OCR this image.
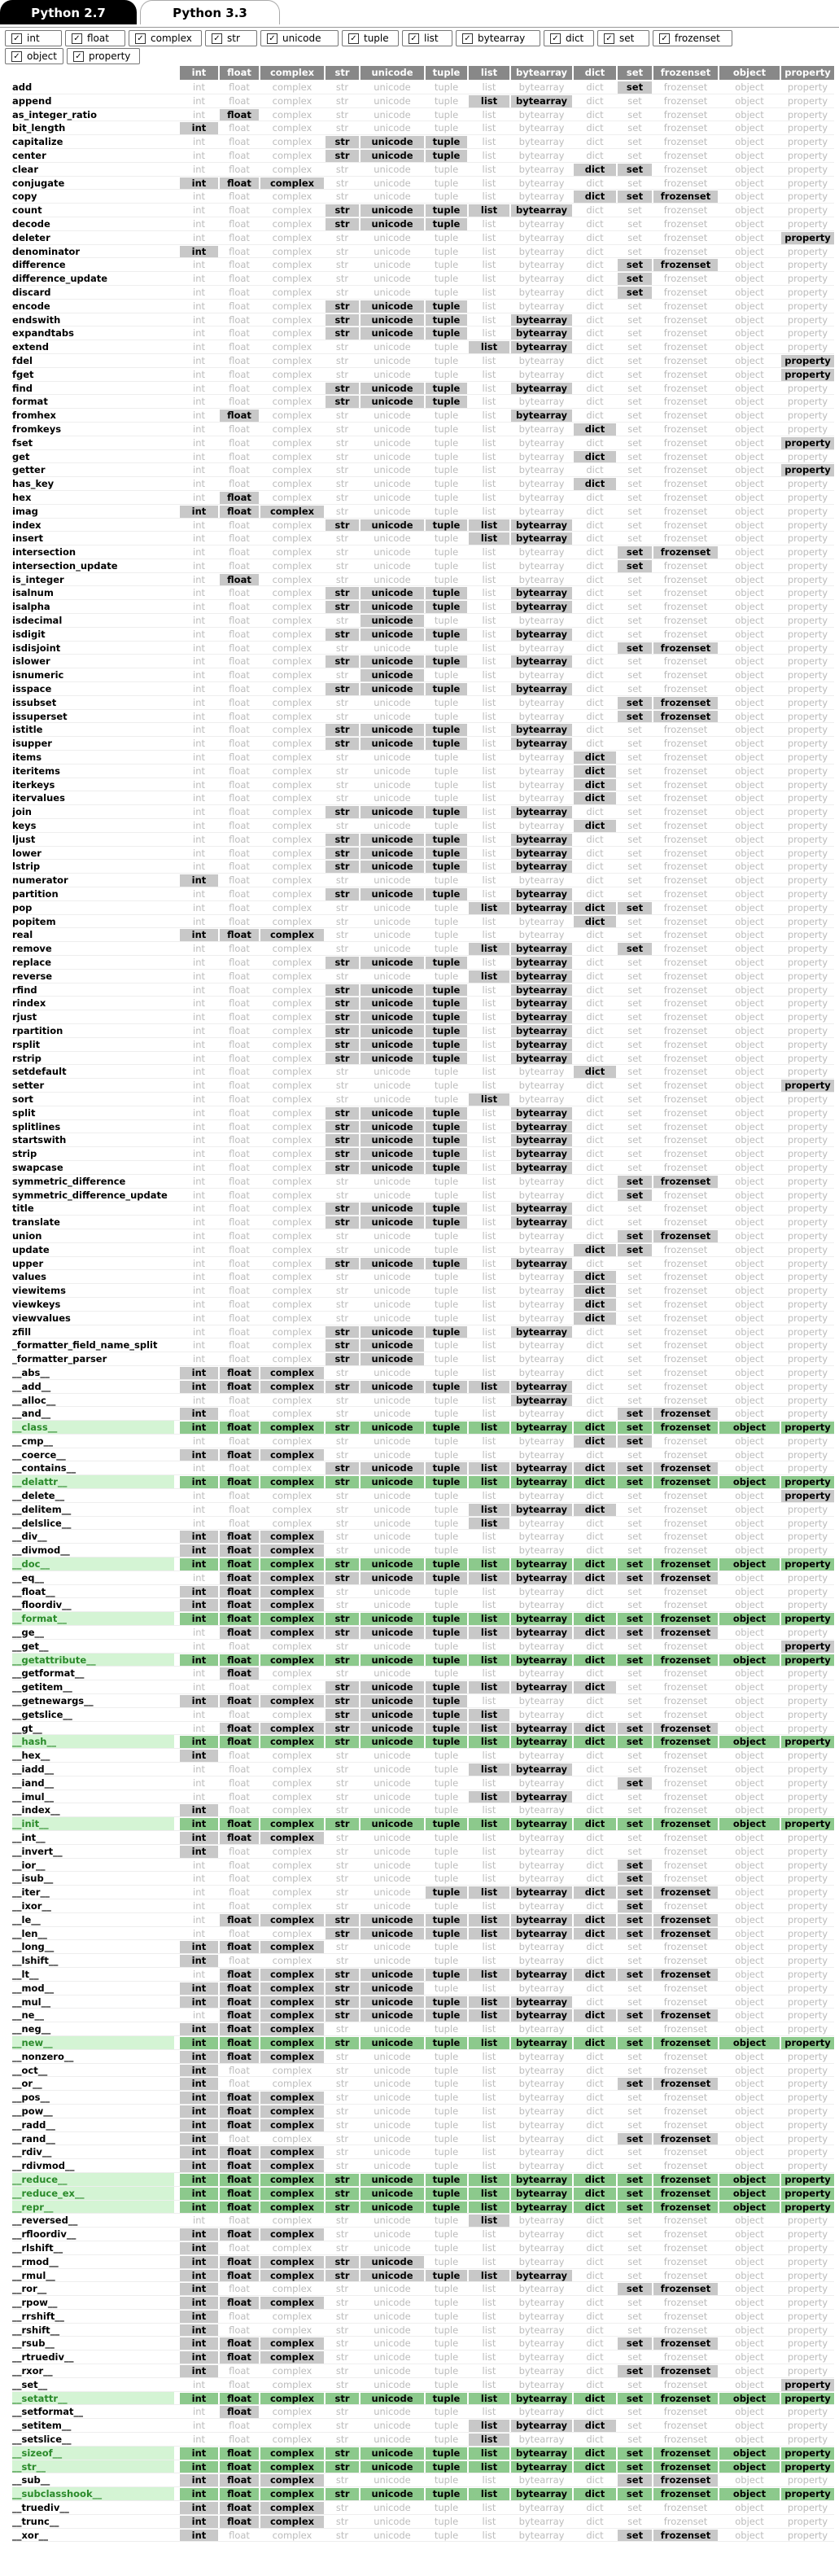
Python 2.7	Python 3.3
✓ int	✓ float	✓ complex	✓ str	✓ unicode	✓ tuple	✓ list	✓ bytearray	✓ dict	✓ set	✓ frozenset
✓ object	✓ property
int	float	complex	str	unicode	tuple	list	bytearray	dict	set	frozenset	object	property
add	int	float	complex	str	unicode	tuple	list	bytearray	dict	set	frozenset	object	property
append	int	float	complex	str	unicode	tuple	list	bytearray	dict	set	frozenset	object	property
as_integer_ratio	int	float	complex	str	unicode	tuple	list	bytearray	dict	set	frozenset	object	property
bit_length	int	float	complex	str	unicode	tuple	list	bytearray	dict	set	frozenset	object	property
capitalize	int	float	complex	str	unicode	tuple	list	bytearray	dict	set	frozenset	object	property
center	int	float	complex	str	unicode	tuple	list	bytearray	dict	set	frozenset	object	property
clear	int	float	complex	str	unicode	tuple	list	bytearray	dict	set	frozenset	object	property
conjugate	int	float	complex	str	unicode	tuple	list	bytearray	dict	set	frozenset	object	property
copy	int	float	complex	str	unicode	tuple	list	bytearray	dict	set	frozenset	object	property
count	int	float	complex	str	unicode	tuple	list	bytearray	dict	set	frozenset	object	property
decode	int	float	complex	str	unicode	tuple	list	bytearray	dict	set	frozenset	object	property
deleter	int	float	complex	str	unicode	tuple	list	bytearray	dict	set	frozenset	object	property
denominator	int	float	complex	str	unicode	tuple	list	bytearray	dict	set	frozenset	object	property
difference	int	float	complex	str	unicode	tuple	list	bytearray	dict	set	frozenset	object	property
difference_update	int	float	complex	str	unicode	tuple	list	bytearray	dict	set	frozenset	object	property
discard	int	float	complex	str	unicode	tuple	list	bytearray	dict	set	frozenset	object	property
encode	int	float	complex	str	unicode	tuple	list	bytearray	dict	set	frozenset	object	property
endswith	int	float	complex	str	unicode	tuple	list	bytearray	dict	set	frozenset	object	property
expandtabs	int	float	complex	str	unicode	tuple	list	bytearray	dict	set	frozenset	object	property
extend	int	float	complex	str	unicode	tuple	list	bytearray	dict	set	frozenset	object	property
fdel	int	float	complex	str	unicode	tuple	list	bytearray	dict	set	frozenset	object	property
fget	int	float	complex	str	unicode	tuple	list	bytearray	dict	set	frozenset	object	property
find	int	float	complex	str	unicode	tuple	list	bytearray	dict	set	frozenset	object	property
format	int	float	complex	str	unicode	tuple	list	bytearray	dict	set	frozenset	object	property
fromhex	int	float	complex	str	unicode	tuple	list	bytearray	dict	set	frozenset	object	property
fromkeys	int	float	complex	str	unicode	tuple	list	bytearray	dict	set	frozenset	object	property
fset	int	float	complex	str	unicode	tuple	list	bytearray	dict	set	frozenset	object	property
get	int	float	complex	str	unicode	tuple	list	bytearray	dict	set	frozenset	object	property
getter	int	float	complex	str	unicode	tuple	list	bytearray	dict	set	frozenset	object	property
has_key	int	float	complex	str	unicode	tuple	list	bytearray	dict	set	frozenset	object	property
hex	int	float	complex	str	unicode	tuple	list	bytearray	dict	set	frozenset	object	property
imag	int	float	complex	str	unicode	tuple	list	bytearray	dict	set	frozenset	object	property
index	int	float	complex	str	unicode	tuple	list	bytearray	dict	set	frozenset	object	property
insert	int	float	complex	str	unicode	tuple	list	bytearray	dict	set	frozenset	object	property
intersection	int	float	complex	str	unicode	tuple	list	bytearray	dict	set	frozenset	object	property
intersection_update	int	float	complex	str	unicode	tuple	list	bytearray	dict	set	frozenset	object	property
is_integer	int	float	complex	str	unicode	tuple	list	bytearray	dict	set	frozenset	object	property
isalnum	int	float	complex	str	unicode	tuple	list	bytearray	dict	set	frozenset	object	property
isalpha	int	float	complex	str	unicode	tuple	list	bytearray	dict	set	frozenset	object	property
isdecimal	int	float	complex	str	unicode	tuple	list	bytearray	dict	set	frozenset	object	property
isdigit	int	float	complex	str	unicode	tuple	list	bytearray	dict	set	frozenset	object	property
isdisjoint	int	float	complex	str	unicode	tuple	list	bytearray	dict	set	frozenset	object	property
islower	int	float	complex	str	unicode	tuple	list	bytearray	dict	set	frozenset	object	property
isnumeric	int	float	complex	str	unicode	tuple	list	bytearray	dict	set	frozenset	object	property
isspace	int	float	complex	str	unicode	tuple	list	bytearray	dict	set	frozenset	object	property
issubset	int	float	complex	str	unicode	tuple	list	bytearray	dict	set	frozenset	object	property
issuperset	int	float	complex	str	unicode	tuple	list	bytearray	dict	set	frozenset	object	property
istitle	int	float	complex	str	unicode	tuple	list	bytearray	dict	set	frozenset	object	property
isupper	int	float	complex	str	unicode	tuple	list	bytearray	dict	set	frozenset	object	property
items	int	float	complex	str	unicode	tuple	list	bytearray	dict	set	frozenset	object	property
iteritems	int	float	complex	str	unicode	tuple	list	bytearray	dict	set	frozenset	object	property
iterkeys	int	float	complex	str	unicode	tuple	list	bytearray	dict	set	frozenset	object	property
itervalues	int	float	complex	str	unicode	tuple	list	bytearray	dict	set	frozenset	object	property
join	int	float	complex	str	unicode	tuple	list	bytearray	dict	set	frozenset	object	property
keys	int	float	complex	str	unicode	tuple	list	bytearray	dict	set	frozenset	object	property
ljust	int	float	complex	str	unicode	tuple	list	bytearray	dict	set	frozenset	object	property
lower	int	float	complex	str	unicode	tuple	list	bytearray	dict	set	frozenset	object	property
lstrip	int	float	complex	str	unicode	tuple	list	bytearray	dict	set	frozenset	object	property
numerator	int	float	complex	str	unicode	tuple	list	bytearray	dict	set	frozenset	object	property
partition	int	float	complex	str	unicode	tuple	list	bytearray	dict	set	frozenset	object	property
pop	int	float	complex	str	unicode	tuple	list	bytearray	dict	set	frozenset	object	property
popitem	int	float	complex	str	unicode	tuple	list	bytearray	dict	set	frozenset	object	property
real	int	float	complex	str	unicode	tuple	list	bytearray	dict	set	frozenset	object	property
remove	int	float	complex	str	unicode	tuple	list	bytearray	dict	set	frozenset	object	property
replace	int	float	complex	str	unicode	tuple	list	bytearray	dict	set	frozenset	object	property
reverse	int	float	complex	str	unicode	tuple	list	bytearray	dict	set	frozenset	object	property
rfind	int	float	complex	str	unicode	tuple	list	bytearray	dict	set	frozenset	object	property
rindex	int	float	complex	str	unicode	tuple	list	bytearray	dict	set	frozenset	object	property
rjust	int	float	complex	str	unicode	tuple	list	bytearray	dict	set	frozenset	object	property
rpartition	int	float	complex	str	unicode	tuple	list	bytearray	dict	set	frozenset	object	property
rsplit	int	float	complex	str	unicode	tuple	list	bytearray	dict	set	frozenset	object	property
rstrip	int	float	complex	str	unicode	tuple	list	bytearray	dict	set	frozenset	object	property
setdefault	int	float	complex	str	unicode	tuple	list	bytearray	dict	set	frozenset	object	property
setter	int	float	complex	str	unicode	tuple	list	bytearray	dict	set	frozenset	object	property
sort	int	float	complex	str	unicode	tuple	list	bytearray	dict	set	frozenset	object	property
split	int	float	complex	str	unicode	tuple	list	bytearray	dict	set	frozenset	object	property
splitlines	int	float	complex	str	unicode	tuple	list	bytearray	dict	set	frozenset	object	property
startswith	int	float	complex	str	unicode	tuple	list	bytearray	dict	set	frozenset	object	property
strip	int	float	complex	str	unicode	tuple	list	bytearray	dict	set	frozenset	object	property
swapcase	int	float	complex	str	unicode	tuple	list	bytearray	dict	set	frozenset	object	property
symmetric_difference	int	float	complex	str	unicode	tuple	list	bytearray	dict	set	frozenset	object	property
symmetric_difference_update	int	float	complex	str	unicode	tuple	list	bytearray	dict	set	frozenset	object	property
title	int	float	complex	str	unicode	tuple	list	bytearray	dict	set	frozenset	object	property
translate	int	float	complex	str	unicode	tuple	list	bytearray	dict	set	frozenset	object	property
union	int	float	complex	str	unicode	tuple	list	bytearray	dict	set	frozenset	object	property
update	int	float	complex	str	unicode	tuple	list	bytearray	dict	set	frozenset	object	property
upper	int	float	complex	str	unicode	tuple	list	bytearray	dict	set	frozenset	object	property
values	int	float	complex	str	unicode	tuple	list	bytearray	dict	set	frozenset	object	property
viewitems	int	float	complex	str	unicode	tuple	list	bytearray	dict	set	frozenset	object	property
viewkeys	int	float	complex	str	unicode	tuple	list	bytearray	dict	set	frozenset	object	property
viewvalues	int	float	complex	str	unicode	tuple	list	bytearray	dict	set	frozenset	object	property
zfill	int	float	complex	str	unicode	tuple	list	bytearray	dict	set	frozenset	object	property
_formatter_field_name_split	int	float	complex	str	unicode	tuple	list	bytearray	dict	set	frozenset	object	property
_formatter_parser	int	float	complex	str	unicode	tuple	list	bytearray	dict	set	frozenset	object	property
__abs__	int	float	complex	str	unicode	tuple	list	bytearray	dict	set	frozenset	object	property
__add__	int	float	complex	str	unicode	tuple	list	bytearray	dict	set	frozenset	object	property
__alloc__	int	float	complex	str	unicode	tuple	list	bytearray	dict	set	frozenset	object	property
__and__	int	float	complex	str	unicode	tuple	list	bytearray	dict	set	frozenset	object	property
__class__	int	float	complex	str	unicode	tuple	list	bytearray	dict	set	frozenset	object	property
__cmp__	int	float	complex	str	unicode	tuple	list	bytearray	dict	set	frozenset	object	property
__coerce__	int	float	complex	str	unicode	tuple	list	bytearray	dict	set	frozenset	object	property
__contains__	int	float	complex	str	unicode	tuple	list	bytearray	dict	set	frozenset	object	property
__delattr__	int	float	complex	str	unicode	tuple	list	bytearray	dict	set	frozenset	object	property
__delete__	int	float	complex	str	unicode	tuple	list	bytearray	dict	set	frozenset	object	property
__delitem__	int	float	complex	str	unicode	tuple	list	bytearray	dict	set	frozenset	object	property
__delslice__	int	float	complex	str	unicode	tuple	list	bytearray	dict	set	frozenset	object	property
__div__	int	float	complex	str	unicode	tuple	list	bytearray	dict	set	frozenset	object	property
__divmod__	int	float	complex	str	unicode	tuple	list	bytearray	dict	set	frozenset	object	property
__doc__	int	float	complex	str	unicode	tuple	list	bytearray	dict	set	frozenset	object	property
__eq__	int	float	complex	str	unicode	tuple	list	bytearray	dict	set	frozenset	object	property
__float__	int	float	complex	str	unicode	tuple	list	bytearray	dict	set	frozenset	object	property
__floordiv__	int	float	complex	str	unicode	tuple	list	bytearray	dict	set	frozenset	object	property
__format__	int	float	complex	str	unicode	tuple	list	bytearray	dict	set	frozenset	object	property
__ge__	int	float	complex	str	unicode	tuple	list	bytearray	dict	set	frozenset	object	property
__get__	int	float	complex	str	unicode	tuple	list	bytearray	dict	set	frozenset	object	property
__getattribute__	int	float	complex	str	unicode	tuple	list	bytearray	dict	set	frozenset	object	property
__getformat__	int	float	complex	str	unicode	tuple	list	bytearray	dict	set	frozenset	object	property
__getitem__	int	float	complex	str	unicode	tuple	list	bytearray	dict	set	frozenset	object	property
__getnewargs__	int	float	complex	str	unicode	tuple	list	bytearray	dict	set	frozenset	object	property
__getslice__	int	float	complex	str	unicode	tuple	list	bytearray	dict	set	frozenset	object	property
__gt__	int	float	complex	str	unicode	tuple	list	bytearray	dict	set	frozenset	object	property
__hash__	int	float	complex	str	unicode	tuple	list	bytearray	dict	set	frozenset	object	property
__hex__	int	float	complex	str	unicode	tuple	list	bytearray	dict	set	frozenset	object	property
__iadd__	int	float	complex	str	unicode	tuple	list	bytearray	dict	set	frozenset	object	property
__iand__	int	float	complex	str	unicode	tuple	list	bytearray	dict	set	frozenset	object	property
__imul__	int	float	complex	str	unicode	tuple	list	bytearray	dict	set	frozenset	object	property
__index__	int	float	complex	str	unicode	tuple	list	bytearray	dict	set	frozenset	object	property
__init__	int	float	complex	str	unicode	tuple	list	bytearray	dict	set	frozenset	object	property
__int__	int	float	complex	str	unicode	tuple	list	bytearray	dict	set	frozenset	object	property
__invert__	int	float	complex	str	unicode	tuple	list	bytearray	dict	set	frozenset	object	property
__ior__	int	float	complex	str	unicode	tuple	list	bytearray	dict	set	frozenset	object	property
__isub__	int	float	complex	str	unicode	tuple	list	bytearray	dict	set	frozenset	object	property
__iter__	int	float	complex	str	unicode	tuple	list	bytearray	dict	set	frozenset	object	property
__ixor__	int	float	complex	str	unicode	tuple	list	bytearray	dict	set	frozenset	object	property
__le__	int	float	complex	str	unicode	tuple	list	bytearray	dict	set	frozenset	object	property
__len__	int	float	complex	str	unicode	tuple	list	bytearray	dict	set	frozenset	object	property
__long__	int	float	complex	str	unicode	tuple	list	bytearray	dict	set	frozenset	object	property
__lshift__	int	float	complex	str	unicode	tuple	list	bytearray	dict	set	frozenset	object	property
__lt__	int	float	complex	str	unicode	tuple	list	bytearray	dict	set	frozenset	object	property
__mod__	int	float	complex	str	unicode	tuple	list	bytearray	dict	set	frozenset	object	property
__mul__	int	float	complex	str	unicode	tuple	list	bytearray	dict	set	frozenset	object	property
__ne__	int	float	complex	str	unicode	tuple	list	bytearray	dict	set	frozenset	object	property
__neg__	int	float	complex	str	unicode	tuple	list	bytearray	dict	set	frozenset	object	property
__new__	int	float	complex	str	unicode	tuple	list	bytearray	dict	set	frozenset	object	property
__nonzero__	int	float	complex	str	unicode	tuple	list	bytearray	dict	set	frozenset	object	property
__oct__	int	float	complex	str	unicode	tuple	list	bytearray	dict	set	frozenset	object	property
__or__	int	float	complex	str	unicode	tuple	list	bytearray	dict	set	frozenset	object	property
__pos__	int	float	complex	str	unicode	tuple	list	bytearray	dict	set	frozenset	object	property
__pow__	int	float	complex	str	unicode	tuple	list	bytearray	dict	set	frozenset	object	property
__radd__	int	float	complex	str	unicode	tuple	list	bytearray	dict	set	frozenset	object	property
__rand__	int	float	complex	str	unicode	tuple	list	bytearray	dict	set	frozenset	object	property
__rdiv__	int	float	complex	str	unicode	tuple	list	bytearray	dict	set	frozenset	object	property
__rdivmod__	int	float	complex	str	unicode	tuple	list	bytearray	dict	set	frozenset	object	property
__reduce__	int	float	complex	str	unicode	tuple	list	bytearray	dict	set	frozenset	object	property
__reduce_ex__	int	float	complex	str	unicode	tuple	list	bytearray	dict	set	frozenset	object	property
__repr__	int	float	complex	str	unicode	tuple	list	bytearray	dict	set	frozenset	object	property
__reversed__	int	float	complex	str	unicode	tuple	list	bytearray	dict	set	frozenset	object	property
__rfloordiv__	int	float	complex	str	unicode	tuple	list	bytearray	dict	set	frozenset	object	property
__rlshift__	int	float	complex	str	unicode	tuple	list	bytearray	dict	set	frozenset	object	property
__rmod__	int	float	complex	str	unicode	tuple	list	bytearray	dict	set	frozenset	object	property
__rmul__	int	float	complex	str	unicode	tuple	list	bytearray	dict	set	frozenset	object	property
__ror__	int	float	complex	str	unicode	tuple	list	bytearray	dict	set	frozenset	object	property
__rpow__	int	float	complex	str	unicode	tuple	list	bytearray	dict	set	frozenset	object	property
__rrshift__	int	float	complex	str	unicode	tuple	list	bytearray	dict	set	frozenset	object	property
__rshift__	int	float	complex	str	unicode	tuple	list	bytearray	dict	set	frozenset	object	property
__rsub__	int	float	complex	str	unicode	tuple	list	bytearray	dict	set	frozenset	object	property
__rtruediv__	int	float	complex	str	unicode	tuple	list	bytearray	dict	set	frozenset	object	property
__rxor__	int	float	complex	str	unicode	tuple	list	bytearray	dict	set	frozenset	object	property
__set__	int	float	complex	str	unicode	tuple	list	bytearray	dict	set	frozenset	object	property
__setattr__	int	float	complex	str	unicode	tuple	list	bytearray	dict	set	frozenset	object	property
__setformat__	int	float	complex	str	unicode	tuple	list	bytearray	dict	set	frozenset	object	property
__setitem__	int	float	complex	str	unicode	tuple	list	bytearray	dict	set	frozenset	object	property
__setslice__	int	float	complex	str	unicode	tuple	list	bytearray	dict	set	frozenset	object	property
__sizeof__	int	float	complex	str	unicode	tuple	list	bytearray	dict	set	frozenset	object	property
__str__	int	float	complex	str	unicode	tuple	list	bytearray	dict	set	frozenset	object	property
__sub__	int	float	complex	str	unicode	tuple	list	bytearray	dict	set	frozenset	object	property
__subclasshook__	int	float	complex	str	unicode	tuple	list	bytearray	dict	set	frozenset	object	property
__truediv__	int	float	complex	str	unicode	tuple	list	bytearray	dict	set	frozenset	object	property
__trunc__	int	float	complex	str	unicode	tuple	list	bytearray	dict	set	frozenset	object	property
__xor__	int	float	complex	str	unicode	tuple	list	bytearray	dict	set	frozenset	object	property
